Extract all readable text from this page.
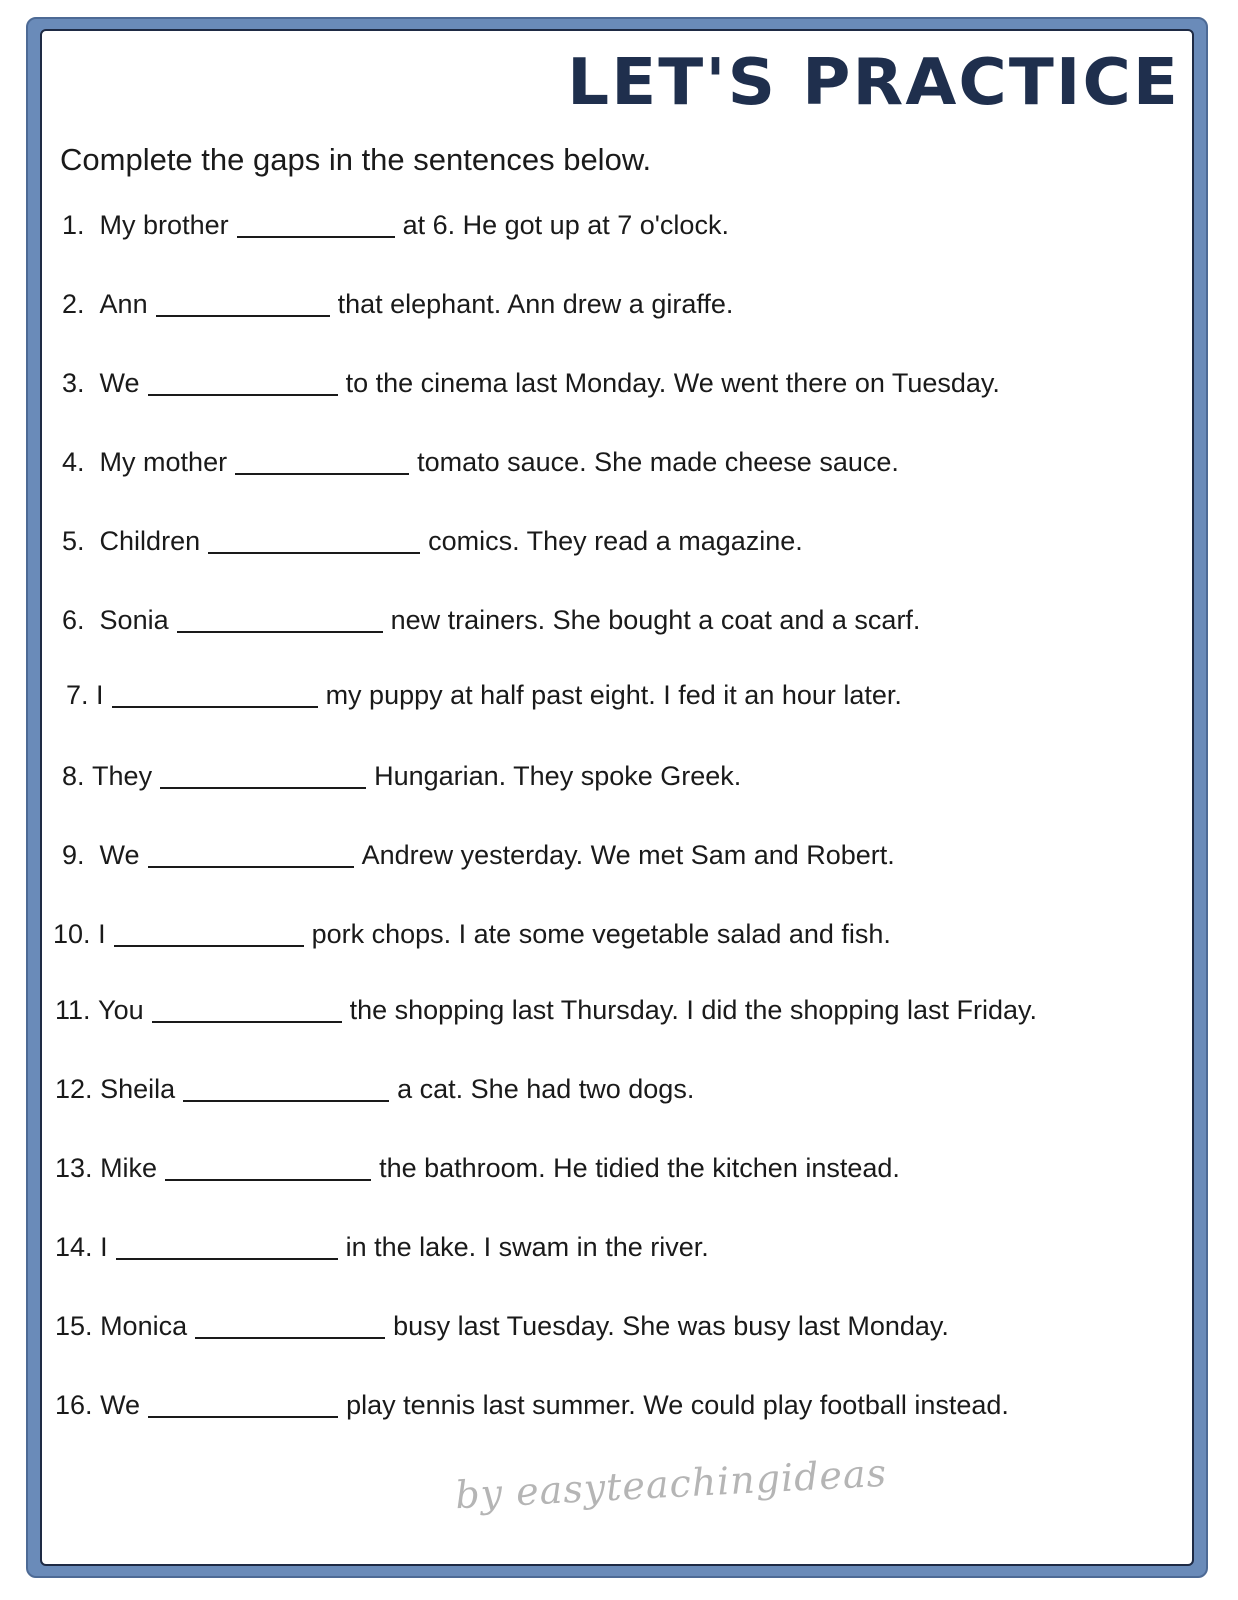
LET'S PRACTICE
Complete the gaps in the sentences below.
1.
My brother	at 6. He got up at 7 o'clock.
2.
Ann	that elephant. Ann drew a giraffe.
3.
We	to the cinema last Monday. We went there on Tuesday.
4.
My mother	tomato sauce. She made cheese sauce.
5.
Children	comics. They read a magazine.
6.
Sonia	new trainers. She bought a coat and a scarf.
7.
I	my puppy at half past eight. I fed it an hour later.
8.
They	Hungarian. They spoke Greek.
9.
We	Andrew yesterday. We met Sam and Robert.
10.
I	pork chops. I ate some vegetable salad and fish.
11.
You	the shopping last Thursday. I did the shopping last Friday.
12.
Sheila	a cat. She had two dogs.
13.
Mike	the bathroom. He tidied the kitchen instead.
14.
I	in the lake. I swam in the river.
15.
Monica	busy last Tuesday. She was busy last Monday.
16.
We	play tennis last summer. We could play football instead.
by easyteachingideas
